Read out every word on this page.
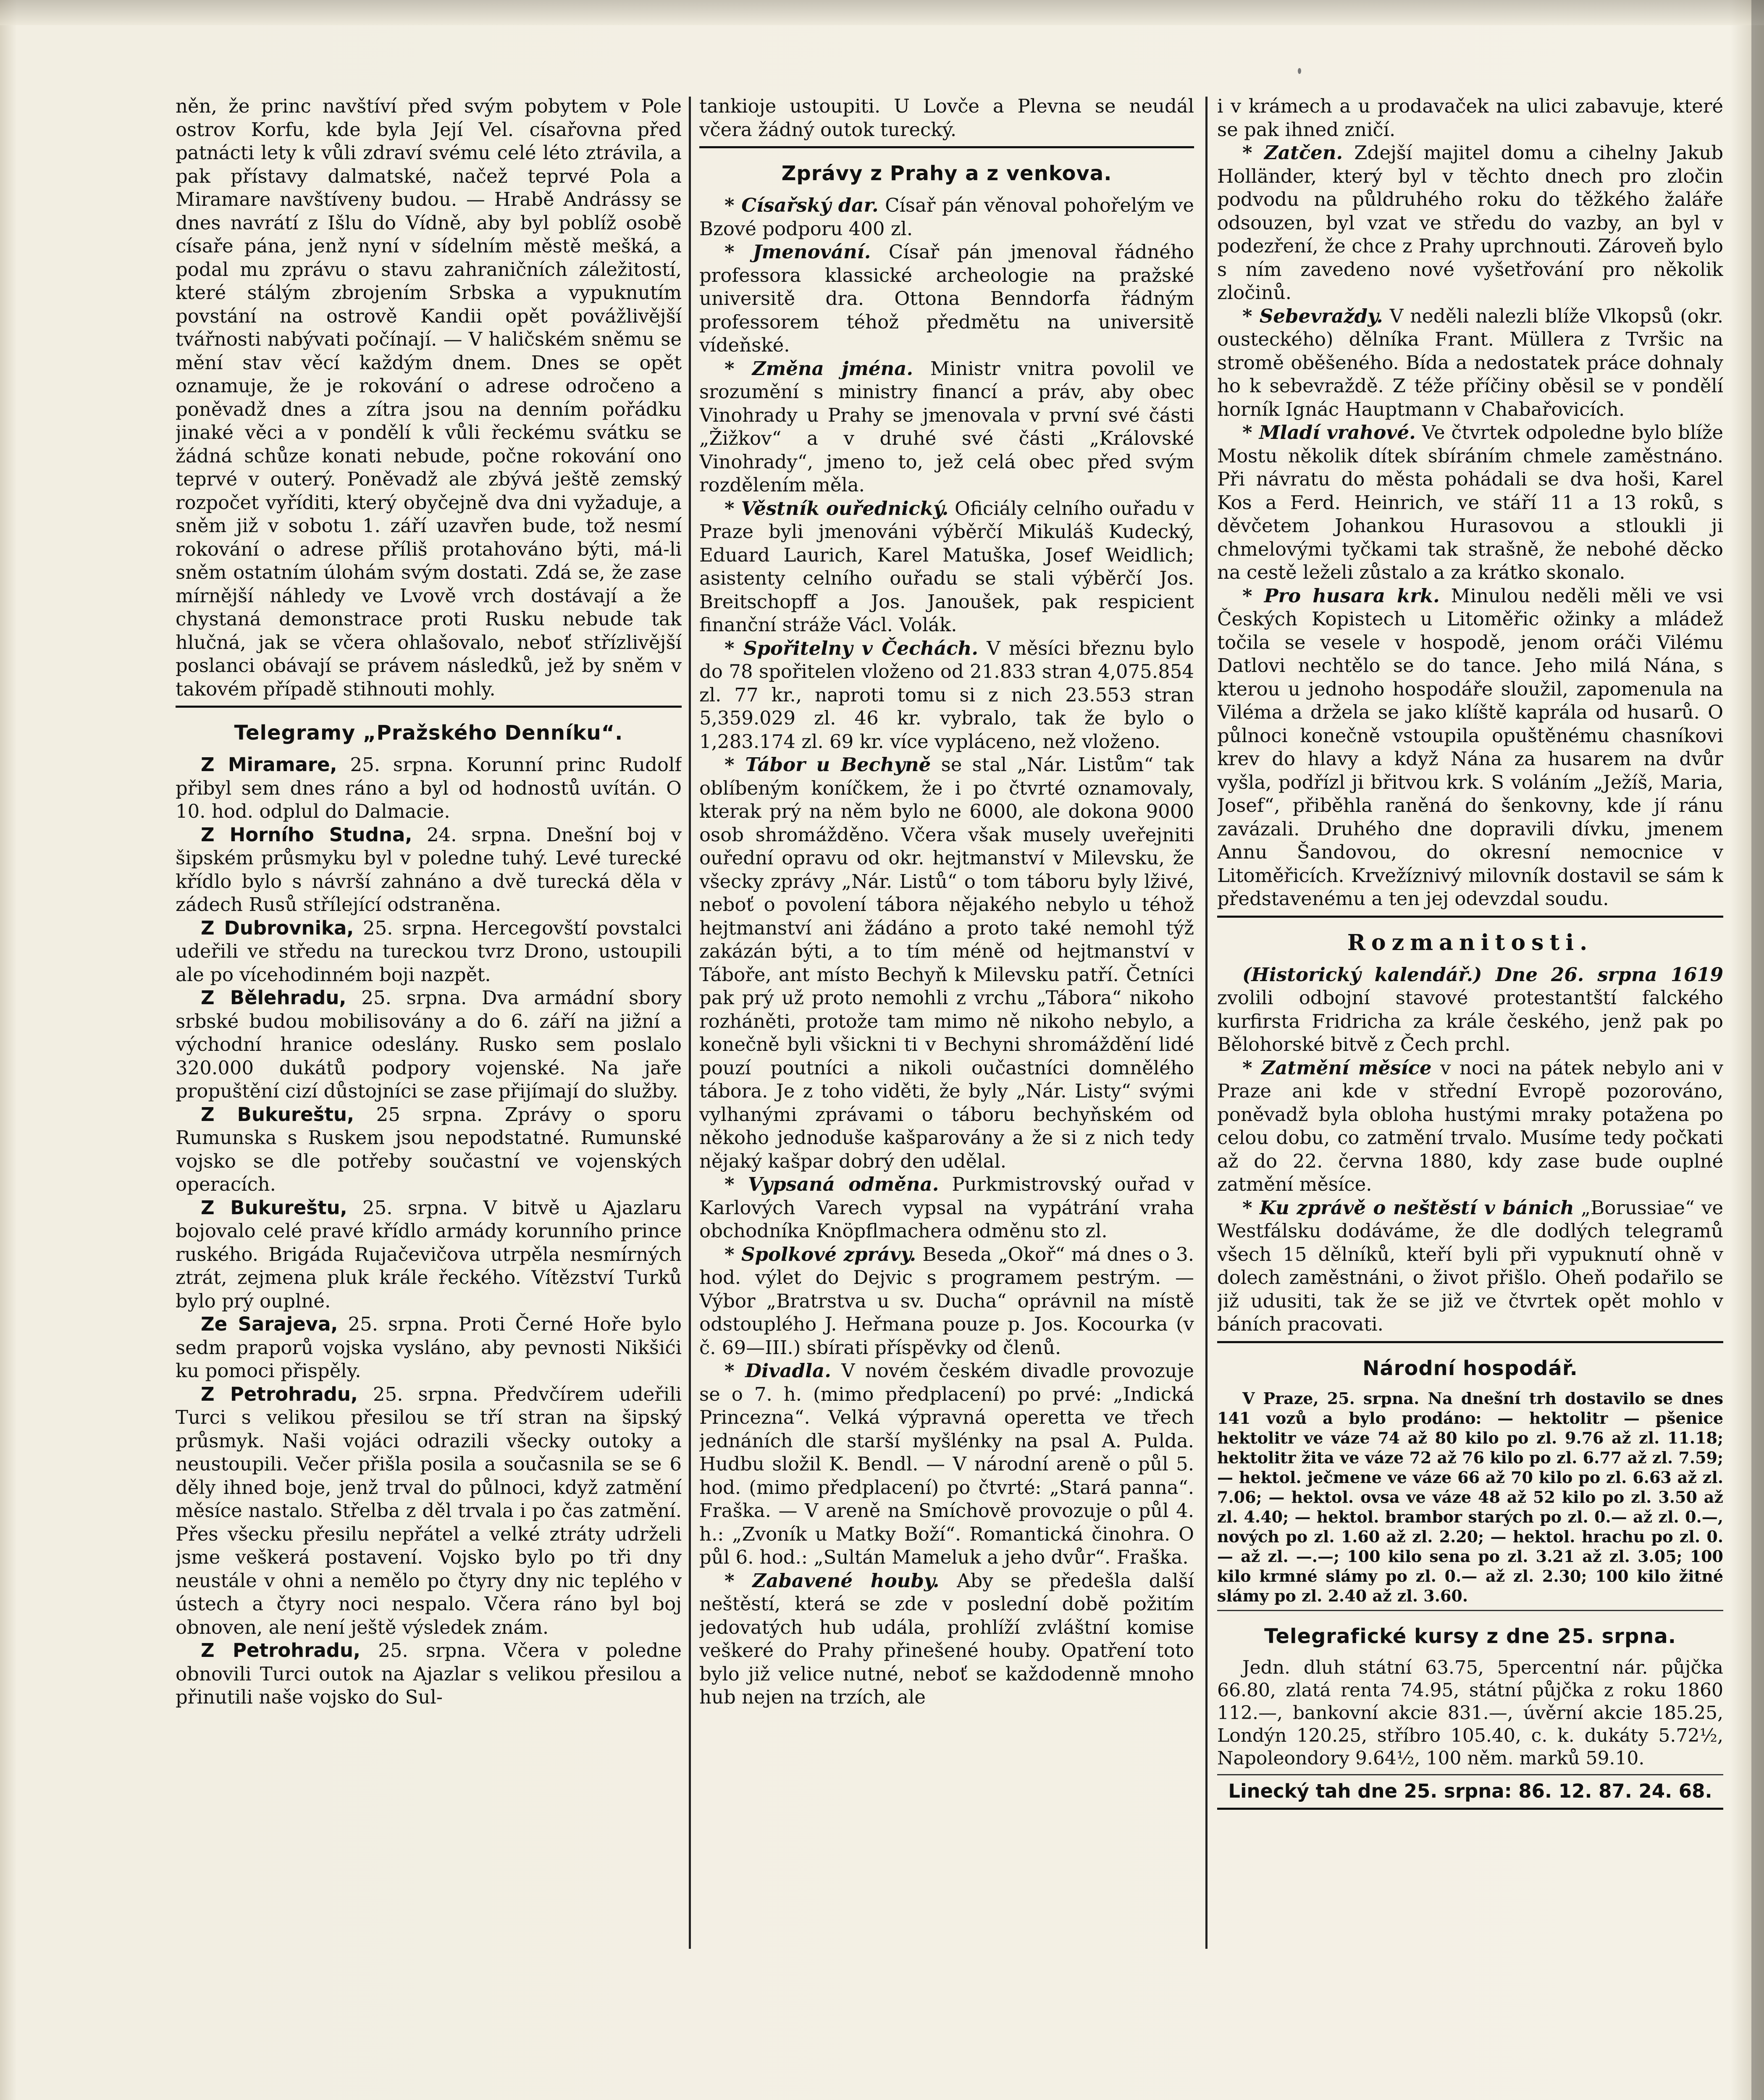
něn, že princ navštíví před svým pobytem v Pole ostrov Korfu, kde byla Její Vel. císařovna před patnácti lety k vůli zdraví svému celé léto ztrávila, a pak přístavy dalmatské, načež teprvé Pola a Miramare navštíveny budou. — Hrabě Andrássy se dnes navrátí z Išlu do Vídně, aby byl poblíž osobě císaře pána, jenž nyní v sídelním městě mešká, a podal mu zprávu o stavu zahraničních záležitostí, které stálým zbrojením Srbska a vypuknutím povstání na ostrově Kandii opět povážlivější tvářnosti nabývati počínají. — V haličském sněmu se mění stav věcí každým dnem. Dnes se opět oznamuje, že je rokování o adrese odročeno a poněvadž dnes a zítra jsou na denním pořádku jinaké věci a v pondělí k vůli řeckému svátku se žádná schůze konati nebude, počne rokování ono teprvé v outerý. Poněvadž ale zbývá ještě zemský rozpočet vyříditi, který obyčejně dva dni vyžaduje, a sněm již v sobotu 1. září uzavřen bude, tož nesmí rokování o adrese příliš protahováno býti, má-li sněm ostatním úlohám svým dostati. Zdá se, že zase mírnější náhledy ve Lvově vrch dostávají a že chystaná demonstrace proti Rusku nebude tak hlučná, jak se včera ohlašovalo, neboť střízlivější poslanci obávají se právem následků, jež by sněm v takovém případě stihnouti mohly.

Telegramy „Pražského Denníku“.

Z Miramare, 25. srpna. Korunní princ Rudolf přibyl sem dnes ráno a byl od hodnostů uvítán. O 10. hod. odplul do Dalmacie.

Z Horního Studna, 24. srpna. Dnešní boj v šipském průsmyku byl v poledne tuhý. Levé turecké křídlo bylo s návrší zahnáno a dvě turecká děla v zádech Rusů střílející odstraněna.

Z Dubrovnika, 25. srpna. Hercegovští povstalci udeřili ve středu na tureckou tvrz Drono, ustoupili ale po vícehodinném boji nazpět.

Z Bělehradu, 25. srpna. Dva armádní sbory srbské budou mobilisovány a do 6. září na jižní a východní hranice odeslány. Rusko sem poslalo 320.000 dukátů podpory vojenské. Na jaře propuštění cizí důstojníci se zase přijímají do služby.

Z Bukureštu, 25 srpna. Zprávy o sporu Rumunska s Ruskem jsou nepodstatné. Rumunské vojsko se dle potřeby součastní ve vojenských operacích.

Z Bukureštu, 25. srpna. V bitvě u Ajazlaru bojovalo celé pravé křídlo armády korunního prince ruského. Brigáda Rujačevičova utrpěla nesmírných ztrát, zejmena pluk krále řeckého. Vítězství Turků bylo prý ouplné.

Ze Sarajeva, 25. srpna. Proti Černé Hoře bylo sedm praporů vojska vysláno, aby pevnosti Nikšići ku pomoci přispěly.

Z Petrohradu, 25. srpna. Předvčírem udeřili Turci s velikou přesilou se tří stran na šipský průsmyk. Naši vojáci odrazili všecky outoky a neustoupili. Večer přišla posila a současnila se se 6 děly ihned boje, jenž trval do půlnoci, když zatmění měsíce nastalo. Střelba z děl trvala i po čas zatmění. Přes všecku přesilu nepřátel a velké ztráty udrželi jsme veškerá postavení. Vojsko bylo po tři dny neustále v ohni a nemělo po čtyry dny nic teplého v ústech a čtyry noci nespalo. Včera ráno byl boj obnoven, ale není ještě výsledek znám.

Z Petrohradu, 25. srpna. Včera v poledne obnovili Turci outok na Ajazlar s velikou přesilou a přinutili naše vojsko do Sul-

tankioje ustoupiti. U Lovče a Plevna se neudál včera žádný outok turecký.

Zprávy z Prahy a z venkova.

* Císařský dar. Císař pán věnoval pohořelým ve Bzové podporu 400 zl.

* Jmenování. Císař pán jmenoval řádného professora klassické archeologie na pražské universitě dra. Ottona Benndorfa řádným professorem téhož předmětu na universitě vídeňské.

* Změna jména. Ministr vnitra povolil ve srozumění s ministry financí a práv, aby obec Vinohrady u Prahy se jmenovala v první své části „Žižkov“ a v druhé své části „Královské Vinohrady“, jmeno to, jež celá obec před svým rozdělením měla.

* Věstník ouřednický. Oficiály celního ouřadu v Praze byli jmenováni výběrčí Mikuláš Kudecký, Eduard Laurich, Karel Matuška, Josef Weidlich; asistenty celního ouřadu se stali výběrčí Jos. Breitschopff a Jos. Janoušek, pak respicient finanční stráže Václ. Volák.

* Spořitelny v Čechách. V měsíci březnu bylo do 78 spořitelen vloženo od 21.833 stran 4,075.854 zl. 77 kr., naproti tomu si z nich 23.553 stran 5,359.029 zl. 46 kr. vybralo, tak že bylo o 1,283.174 zl. 69 kr. více vypláceno, než vloženo.

* Tábor u Bechyně se stal „Nár. Listům“ tak oblíbeným koníčkem, že i po čtvrté oznamovaly, kterak prý na něm bylo ne 6000, ale dokona 9000 osob shromážděno. Včera však musely uveřejniti ouřední opravu od okr. hejtmanství v Milevsku, že všecky zprávy „Nár. Listů“ o tom táboru byly lživé, neboť o povolení tábora nějakého nebylo u téhož hejtmanství ani žádáno a proto také nemohl týž zakázán býti, a to tím méně od hejtmanství v Táboře, ant místo Bechyň k Milevsku patří. Četníci pak prý už proto nemohli z vrchu „Tábora“ nikoho rozháněti, protože tam mimo ně nikoho nebylo, a konečně byli všickni ti v Bechyni shromáždění lidé pouzí poutníci a nikoli oučastníci domnělého tábora. Je z toho viděti, že byly „Nár. Listy“ svými vylhanými zprávami o táboru bechyňském od někoho jednoduše kašparovány a že si z nich tedy nějaký kašpar dobrý den udělal.

* Vypsaná odměna. Purkmistrovský ouřad v Karlových Varech vypsal na vypátrání vraha obchodníka Knöpflmachera odměnu sto zl.

* Spolkové zprávy. Beseda „Okoř“ má dnes o 3. hod. výlet do Dejvic s programem pestrým. — Výbor „Bratrstva u sv. Ducha“ oprávnil na místě odstouplého J. Heřmana pouze p. Jos. Kocourka (v č. 69—III.) sbírati příspěvky od členů.

* Divadla. V novém českém divadle provozuje se o 7. h. (mimo předplacení) po prvé: „Indická Princezna“. Velká výpravná operetta ve třech jednáních dle starší myšlénky na psal A. Pulda. Hudbu složil K. Bendl. — V národní areně o půl 5. hod. (mimo předplacení) po čtvrté: „Stará panna“. Fraška. — V areně na Smíchově provozuje o půl 4. h.: „Zvoník u Matky Boží“. Romantická činohra. O půl 6. hod.: „Sultán Mameluk a jeho dvůr“. Fraška.

* Zabavené houby. Aby se předešla další neštěstí, která se zde v poslední době požitím jedovatých hub udála, prohlíží zvláštní komise veškeré do Prahy přinešené houby. Opatření toto bylo již velice nutné, neboť se každodenně mnoho hub nejen na trzích, ale

i v krámech a u prodavaček na ulici zabavuje, které se pak ihned zničí.

* Zatčen. Zdejší majitel domu a cihelny Jakub Holländer, který byl v těchto dnech pro zločin podvodu na půldruhého roku do těžkého žaláře odsouzen, byl vzat ve středu do vazby, an byl v podezření, že chce z Prahy uprchnouti. Zároveň bylo s ním zavedeno nové vyšetřování pro několik zločinů.

* Sebevraždy. V neděli nalezli blíže Vlkopsů (okr. ousteckého) dělníka Frant. Müllera z Tvršic na stromě oběšeného. Bída a nedostatek práce dohnaly ho k sebevraždě. Z téže příčiny oběsil se v pondělí horník Ignác Hauptmann v Chabařovicích.

* Mladí vrahové. Ve čtvrtek odpoledne bylo blíže Mostu několik dítek sbíráním chmele zaměstnáno. Při návratu do města pohádali se dva hoši, Karel Kos a Ferd. Heinrich, ve stáří 11 a 13 roků, s děvčetem Johankou Hurasovou a stloukli ji chmelovými tyčkami tak strašně, že nebohé děcko na cestě leželi zůstalo a za krátko skonalo.

* Pro husara krk. Minulou neděli měli ve vsi Českých Kopistech u Litoměřic ožinky a mládež točila se vesele v hospodě, jenom oráči Vilému Datlovi nechtělo se do tance. Jeho milá Nána, s kterou u jednoho hospodáře sloužil, zapomenula na Viléma a držela se jako klíště kaprála od husarů. O půlnoci konečně vstoupila opuštěnému chasníkovi krev do hlavy a když Nána za husarem na dvůr vyšla, podřízl ji břitvou krk. S voláním „Ježíš, Maria, Josef“, přiběhla raněná do šenkovny, kde jí ránu zavázali. Druhého dne dopravili dívku, jmenem Annu Šandovou, do okresní nemocnice v Litoměřicích. Krvežíznivý milovník dostavil se sám k představenému a ten jej odevzdal soudu.

Rozmanitosti.

(Historický kalendář.) Dne 26. srpna 1619 zvolili odbojní stavové protestantští falckého kurfirsta Fridricha za krále českého, jenž pak po Bělohorské bitvě z Čech prchl.

* Zatmění měsíce v noci na pátek nebylo ani v Praze ani kde v střední Evropě pozorováno, poněvadž byla obloha hustými mraky potažena po celou dobu, co zatmění trvalo. Musíme tedy počkati až do 22. června 1880, kdy zase bude ouplné zatmění měsíce.

* Ku zprávě o neštěstí v bánich „Borussiae“ ve Westfálsku dodáváme, že dle dodlých telegramů všech 15 dělníků, kteří byli při vypuknutí ohně v dolech zaměstnáni, o život přišlo. Oheň podařilo se již udusiti, tak že se již ve čtvrtek opět mohlo v báních pracovati.

Národní hospodář.

V Praze, 25. srpna. Na dnešní trh dostavilo se dnes 141 vozů a bylo prodáno: — hektolitr — pšenice hektolitr ve váze 74 až 80 kilo po zl. 9.76 až zl. 11.18; hektolitr žita ve váze 72 až 76 kilo po zl. 6.77 až zl. 7.59; — hektol. ječmene ve váze 66 až 70 kilo po zl. 6.63 až zl. 7.06; — hektol. ovsa ve váze 48 až 52 kilo po zl. 3.50 až zl. 4.40; — hektol. brambor starých po zl. 0.— až zl. 0.—, nových po zl. 1.60 až zl. 2.20; — hektol. hrachu po zl. 0.— až zl. —.—; 100 kilo sena po zl. 3.21 až zl. 3.05; 100 kilo krmné slámy po zl. 0.— až zl. 2.30; 100 kilo žitné slámy po zl. 2.40 až zl. 3.60.

Telegrafické kursy z dne 25. srpna.

Jedn. dluh státní 63.75, 5percentní nár. půjčka 66.80, zlatá renta 74.95, státní půjčka z roku 1860 112.—, bankovní akcie 831.—, úvěrní akcie 185.25, Londýn 120.25, stříbro 105.40, c. k. dukáty 5.72½, Napoleondory 9.64½, 100 něm. marků 59.10.

Linecký tah dne 25. srpna: 86. 12. 87. 24. 68.
